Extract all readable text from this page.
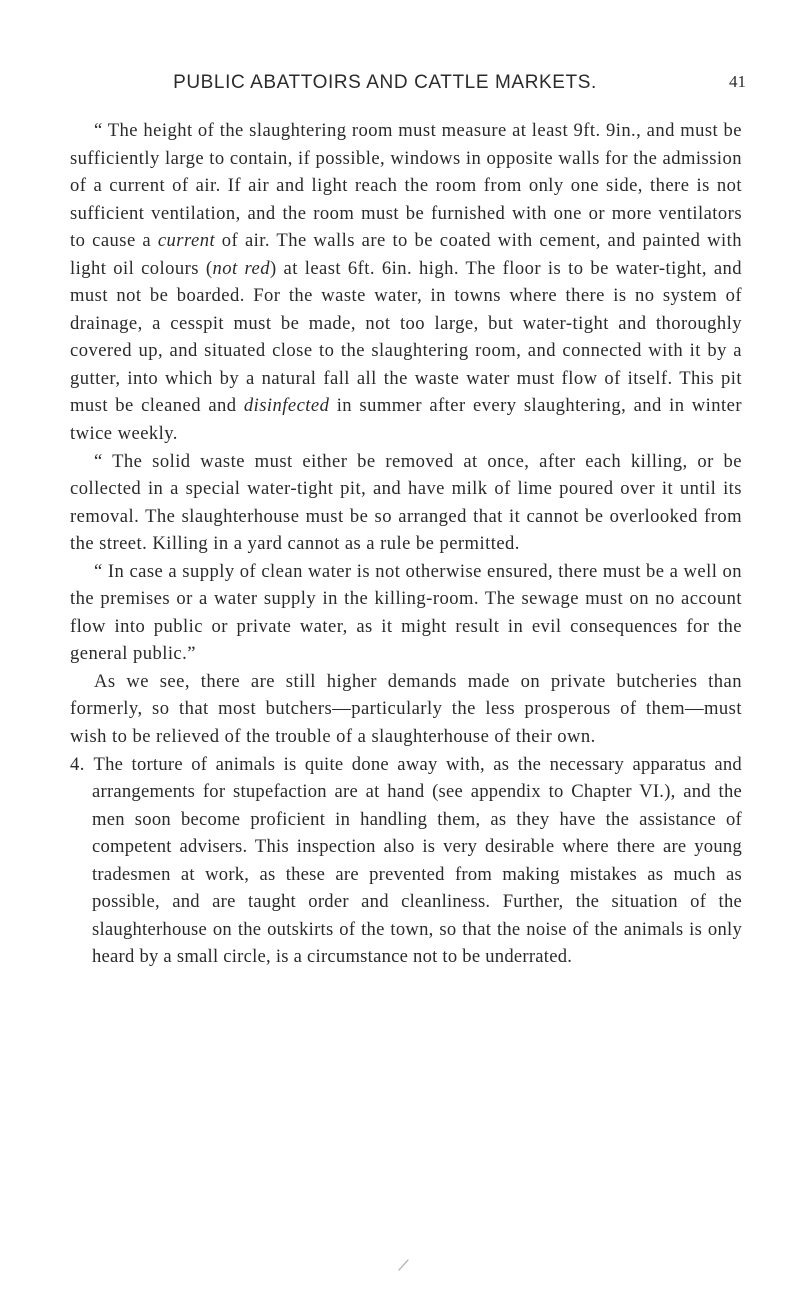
PUBLIC ABATTOIRS AND CATTLE MARKETS.	41

“ The height of the slaughtering room must measure at least 9ft. 9in., and must be sufficiently large to contain, if possible, windows in opposite walls for the admission of a current of air. If air and light reach the room from only one side, there is not sufficient ventilation, and the room must be furnished with one or more ventilators to cause a current of air. The walls are to be coated with cement, and painted with light oil colours (not red) at least 6ft. 6in. high. The floor is to be water-tight, and must not be boarded. For the waste water, in towns where there is no system of drainage, a cesspit must be made, not too large, but water-tight and thoroughly covered up, and situated close to the slaughtering room, and connected with it by a gutter, into which by a natural fall all the waste water must flow of itself. This pit must be cleaned and disinfected in summer after every slaughtering, and in winter twice weekly.

“ The solid waste must either be removed at once, after each killing, or be collected in a special water-tight pit, and have milk of lime poured over it until its removal. The slaughterhouse must be so arranged that it cannot be overlooked from the street. Killing in a yard cannot as a rule be permitted.

“ In case a supply of clean water is not otherwise ensured, there must be a well on the premises or a water supply in the killing-room. The sewage must on no account flow into public or private water, as it might result in evil consequences for the general public.”

As we see, there are still higher demands made on private butcheries than formerly, so that most butchers—particularly the less prosperous of them—must wish to be relieved of the trouble of a slaughterhouse of their own.

4. The torture of animals is quite done away with, as the necessary apparatus and arrangements for stupefaction are at hand (see appendix to Chapter VI.), and the men soon become proficient in handling them, as they have the assistance of competent advisers. This inspection also is very desirable where there are young tradesmen at work, as these are prevented from making mistakes as much as possible, and are taught order and cleanliness. Further, the situation of the slaughterhouse on the outskirts of the town, so that the noise of the animals is only heard by a small circle, is a circumstance not to be underrated.
